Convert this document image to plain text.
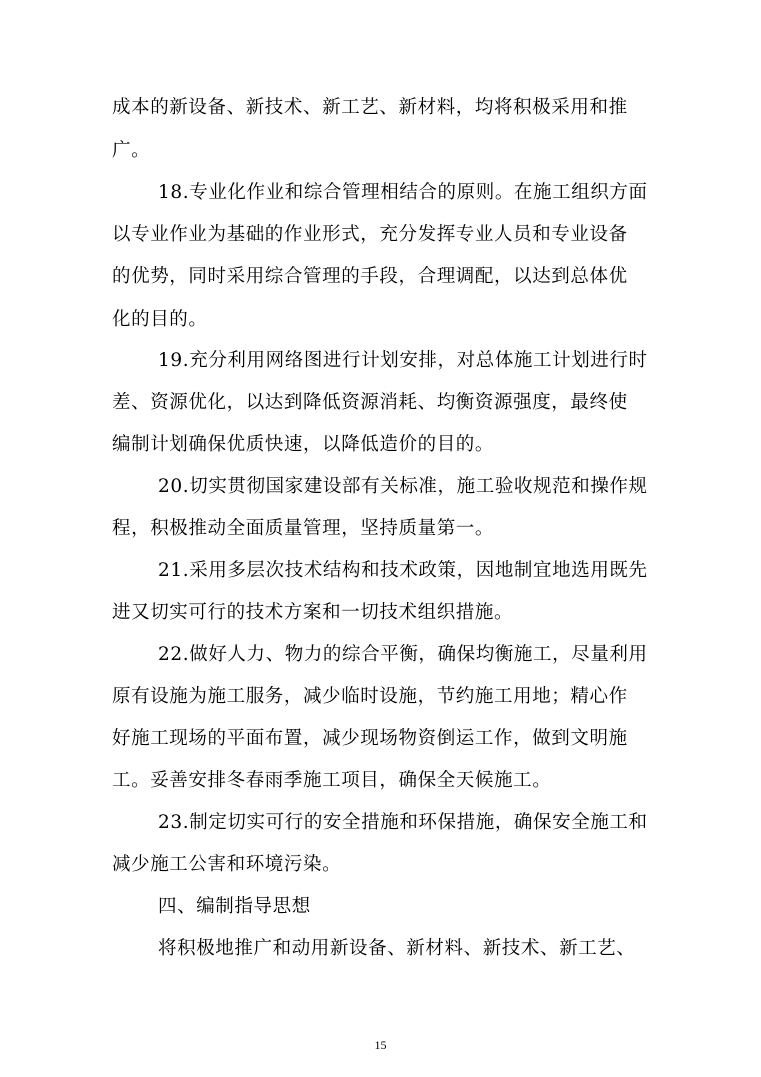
成本的新设备、新技术、新工艺、新材料，均将积极采用和推
广。
18.专业化作业和综合管理相结合的原则。在施工组织方面
以专业作业为基础的作业形式，充分发挥专业人员和专业设备
的优势，同时采用综合管理的手段，合理调配，以达到总体优
化的目的。
19.充分利用网络图进行计划安排，对总体施工计划进行时
差、资源优化，以达到降低资源消耗、均衡资源强度，最终使
编制计划确保优质快速，以降低造价的目的。
20.切实贯彻国家建设部有关标准，施工验收规范和操作规
程，积极推动全面质量管理，坚持质量第一。
21.采用多层次技术结构和技术政策，因地制宜地选用既先
进又切实可行的技术方案和一切技术组织措施。
22.做好人力、物力的综合平衡，确保均衡施工，尽量利用
原有设施为施工服务，减少临时设施，节约施工用地；精心作
好施工现场的平面布置，减少现场物资倒运工作，做到文明施
工。妥善安排冬春雨季施工项目，确保全天候施工。
23.制定切实可行的安全措施和环保措施，确保安全施工和
减少施工公害和环境污染。
四、编制指导思想
将积极地推广和动用新设备、新材料、新技术、新工艺、
15
